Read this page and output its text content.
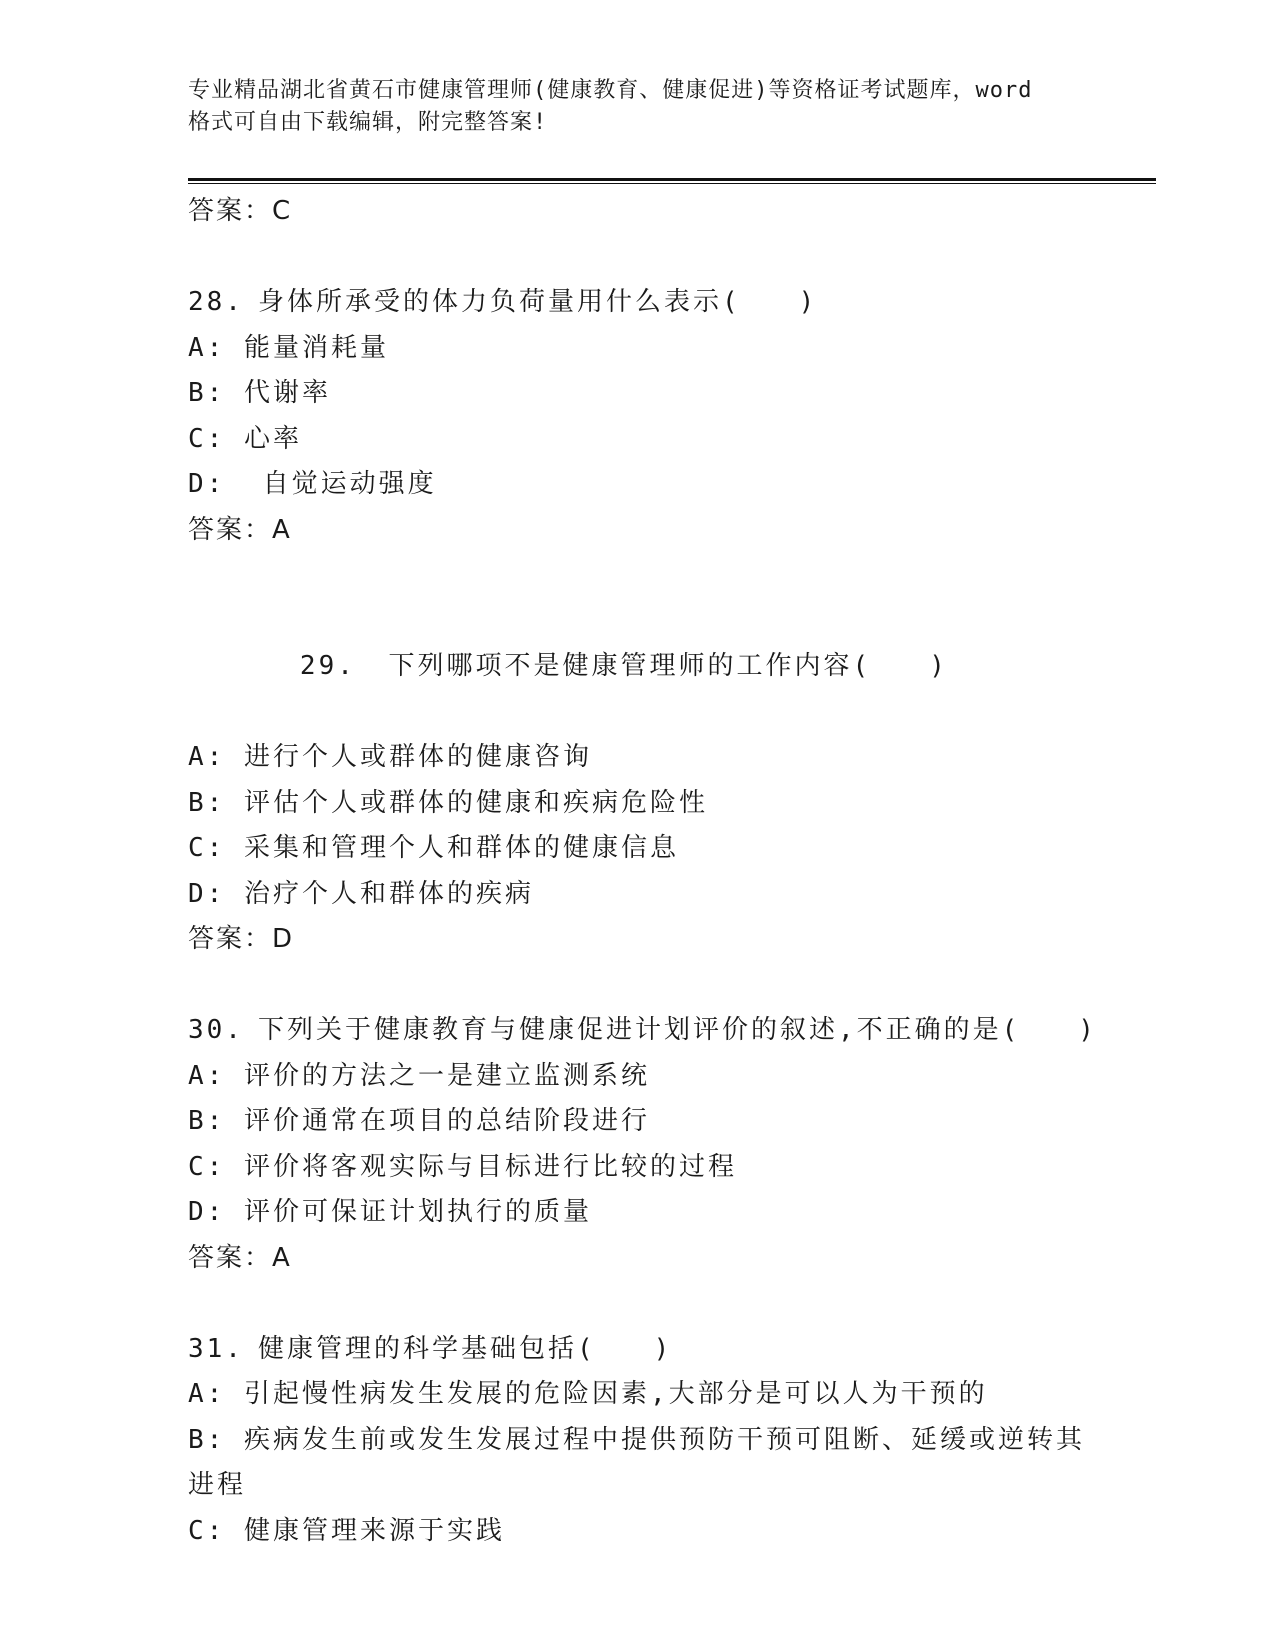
专业精品湖北省黄石市健康管理师(健康教育、健康促进)等资格证考试题库，word
格式可自由下载编辑，附完整答案!
答案：C
28. 身体所承受的体力负荷量用什么表示(　　)
A: 能量消耗量
B: 代谢率
C: 心率
D:  自觉运动强度
答案：A

29. 下列哪项不是健康管理师的工作内容(　　)

A: 进行个人或群体的健康咨询
B: 评估个人或群体的健康和疾病危险性
C: 采集和管理个人和群体的健康信息
D: 治疗个人和群体的疾病
答案：D
30. 下列关于健康教育与健康促进计划评价的叙述,不正确的是(　　)
A: 评价的方法之一是建立监测系统
B: 评价通常在项目的总结阶段进行
C: 评价将客观实际与目标进行比较的过程
D: 评价可保证计划执行的质量
答案：A
31. 健康管理的科学基础包括(　　)
A: 引起慢性病发生发展的危险因素,大部分是可以人为干预的
B: 疾病发生前或发生发展过程中提供预防干预可阻断、延缓或逆转其
进程
C: 健康管理来源于实践
